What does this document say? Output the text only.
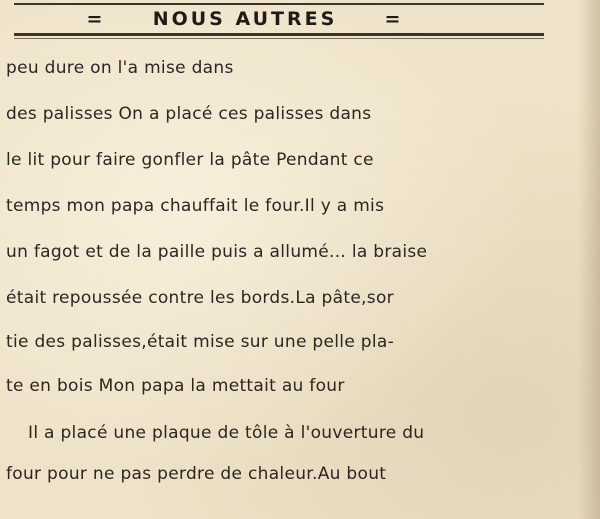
= NOUS AUTRES =
peu dure on l'a mise dans
des palisses On a placé ces palisses dans
le lit pour faire gonfler la pâte Pendant ce
temps mon papa chauffait le four.Il y a mis
un fagot et de la paille puis a allumé... la braise
était repoussée contre les bords.La pâte,sor
tie des palisses,était mise sur une pelle pla-
te en bois Mon papa la mettait au four
Il a placé une plaque de tôle à l'ouverture du
four pour ne pas perdre de chaleur.Au bout
